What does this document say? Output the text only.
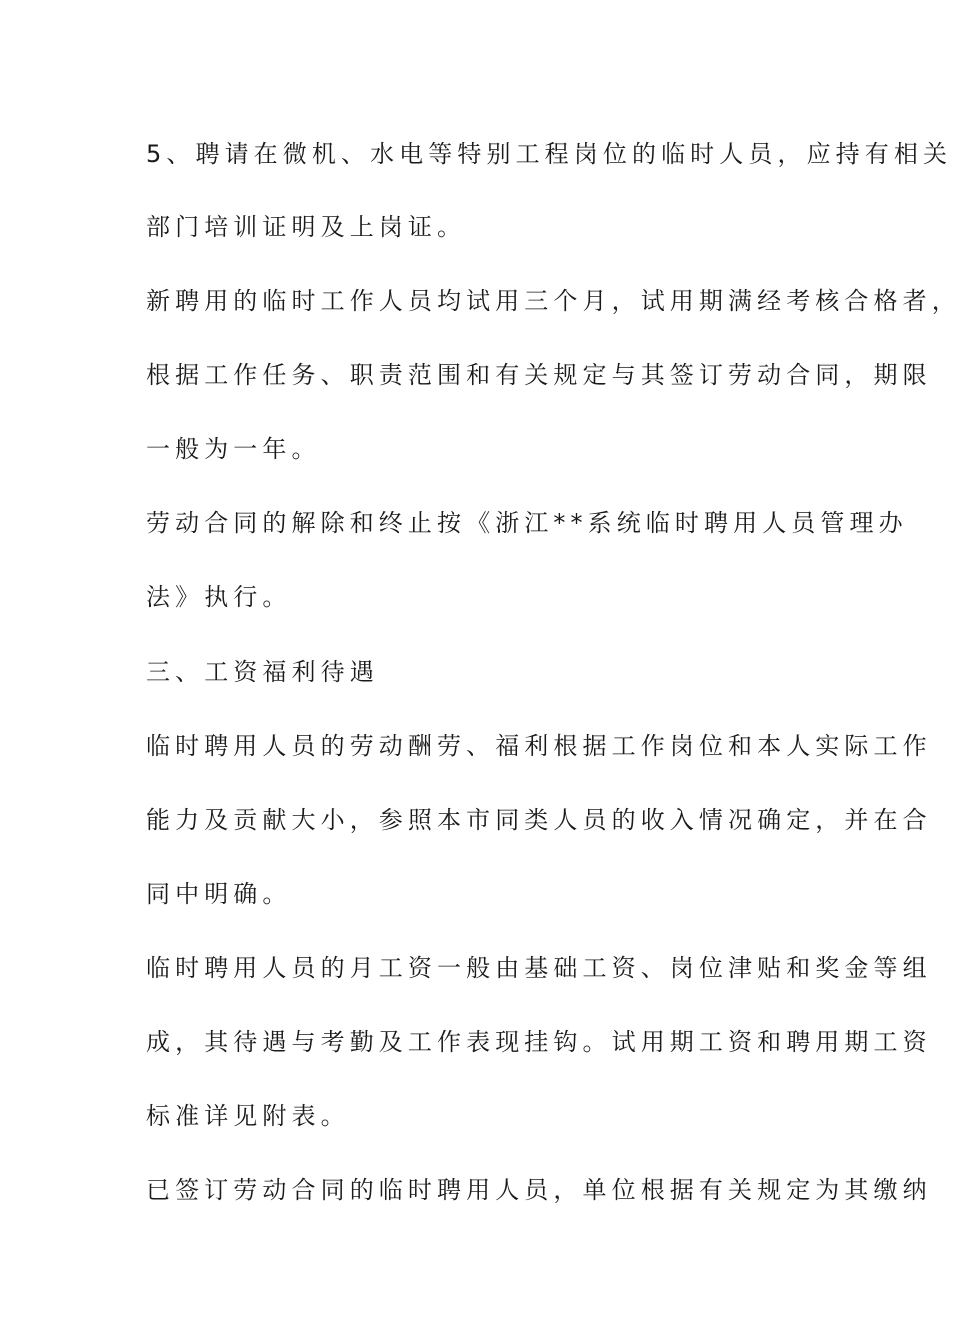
5、聘请在微机、水电等特别工程岗位的临时人员，应持有相关
部门培训证明及上岗证。
新聘用的临时工作人员均试用三个月，试用期满经考核合格者，
根据工作任务、职责范围和有关规定与其签订劳动合同，期限
一般为一年。
劳动合同的解除和终止按《浙江**系统临时聘用人员管理办
法》执行。
三、工资福利待遇
临时聘用人员的劳动酬劳、福利根据工作岗位和本人实际工作
能力及贡献大小，参照本市同类人员的收入情况确定，并在合
同中明确。
临时聘用人员的月工资一般由基础工资、岗位津贴和奖金等组
成，其待遇与考勤及工作表现挂钩。试用期工资和聘用期工资
标准详见附表。
已签订劳动合同的临时聘用人员，单位根据有关规定为其缴纳
